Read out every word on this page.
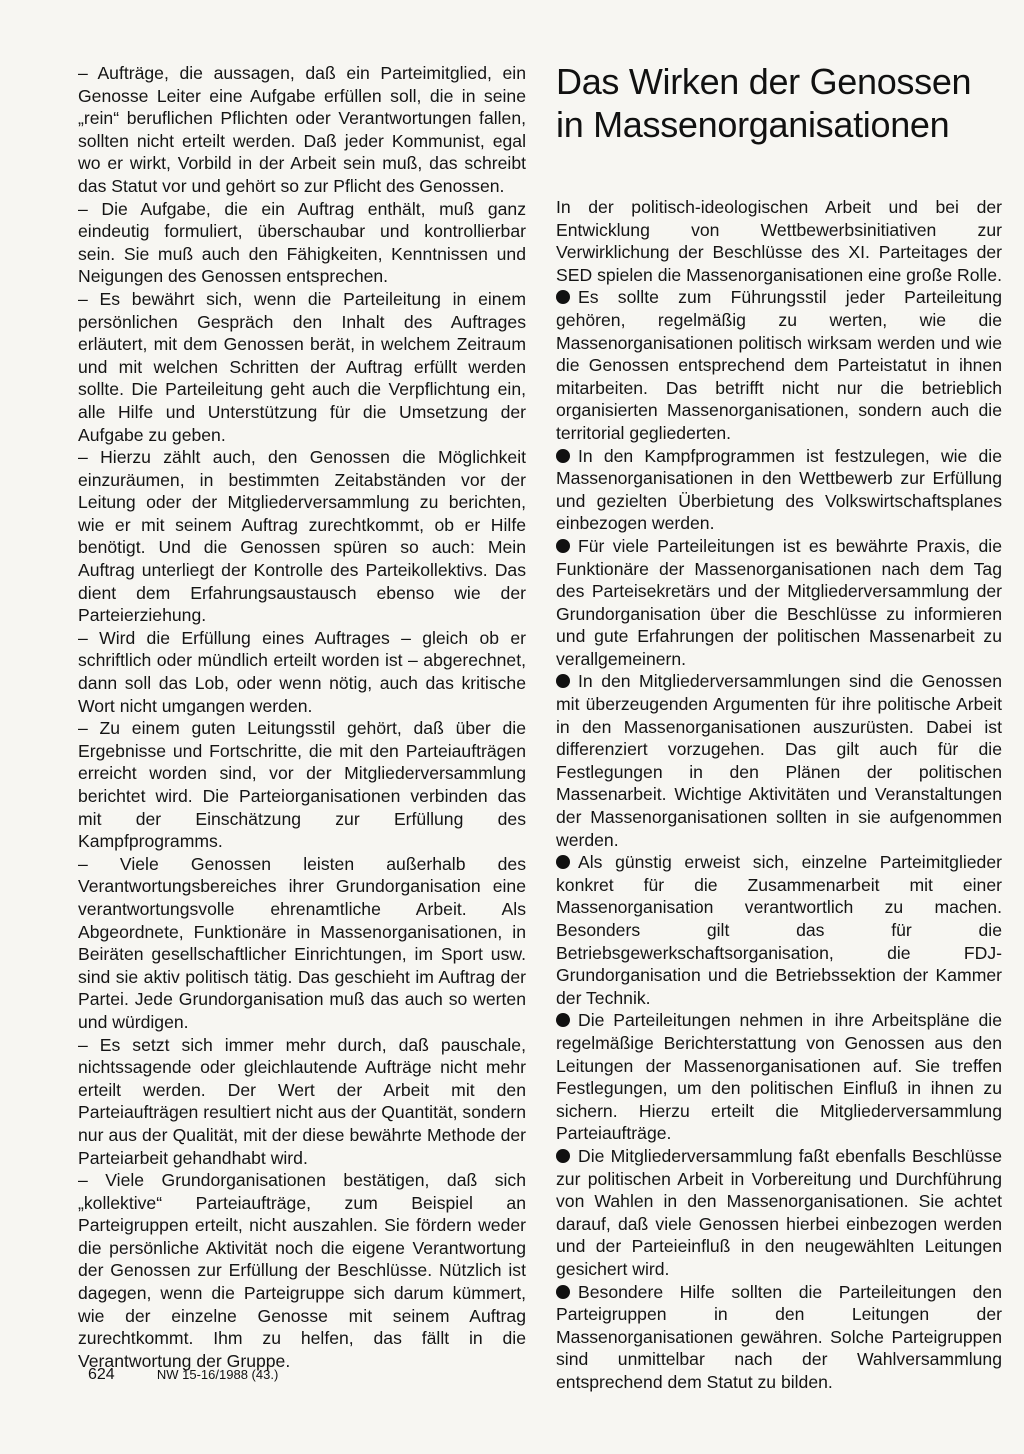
– Aufträge, die aussagen, daß ein Parteimitglied, ein Genosse Leiter eine Aufgabe erfüllen soll, die in seine „rein“ beruflichen Pflichten oder Verantwortungen fallen, sollten nicht erteilt werden. Daß jeder Kommunist, egal wo er wirkt, Vorbild in der Arbeit sein muß, das schreibt das Statut vor und gehört so zur Pflicht des Genossen.

– Die Aufgabe, die ein Auftrag enthält, muß ganz eindeutig formuliert, überschaubar und kontrollierbar sein. Sie muß auch den Fähigkeiten, Kenntnissen und Neigungen des Genossen entsprechen.

– Es bewährt sich, wenn die Parteileitung in einem persönlichen Gespräch den Inhalt des Auftrages erläutert, mit dem Genossen berät, in welchem Zeitraum und mit welchen Schritten der Auftrag erfüllt werden sollte. Die Parteileitung geht auch die Verpflichtung ein, alle Hilfe und Unterstützung für die Umsetzung der Aufgabe zu geben.

– Hierzu zählt auch, den Genossen die Möglichkeit einzuräumen, in bestimmten Zeitabständen vor der Leitung oder der Mitgliederversammlung zu berichten, wie er mit seinem Auftrag zurechtkommt, ob er Hilfe benötigt. Und die Genossen spüren so auch: Mein Auftrag unterliegt der Kontrolle des Parteikollektivs. Das dient dem Erfahrungsaustausch ebenso wie der Parteierziehung.

– Wird die Erfüllung eines Auftrages – gleich ob er schriftlich oder mündlich erteilt worden ist – abgerechnet, dann soll das Lob, oder wenn nötig, auch das kritische Wort nicht umgangen werden.

– Zu einem guten Leitungsstil gehört, daß über die Ergebnisse und Fortschritte, die mit den Parteiaufträgen erreicht worden sind, vor der Mitgliederversammlung berichtet wird. Die Parteiorganisationen verbinden das mit der Einschätzung zur Erfüllung des Kampfprogramms.

– Viele Genossen leisten außerhalb des Verantwortungsbereiches ihrer Grundorganisation eine verantwortungsvolle ehrenamtliche Arbeit. Als Abgeordnete, Funktionäre in Massenorganisationen, in Beiräten gesellschaftlicher Einrichtungen, im Sport usw. sind sie aktiv politisch tätig. Das geschieht im Auftrag der Partei. Jede Grundorganisation muß das auch so werten und würdigen.

– Es setzt sich immer mehr durch, daß pauschale, nichtssagende oder gleichlautende Aufträge nicht mehr erteilt werden. Der Wert der Arbeit mit den Parteiaufträgen resultiert nicht aus der Quantität, sondern nur aus der Qualität, mit der diese bewährte Methode der Parteiarbeit gehandhabt wird.

– Viele Grundorganisationen bestätigen, daß sich „kollektive“ Parteiaufträge, zum Beispiel an Parteigruppen erteilt, nicht auszahlen. Sie fördern weder die persönliche Aktivität noch die eigene Verantwortung der Genossen zur Erfüllung der Beschlüsse. Nützlich ist dagegen, wenn die Parteigruppe sich darum kümmert, wie der einzelne Genosse mit seinem Auftrag zurechtkommt. Ihm zu helfen, das fällt in die Verantwortung der Gruppe.

Das Wirken der Genossen in Massenorganisationen

In der politisch-ideologischen Arbeit und bei der Entwicklung von Wettbewerbsinitiativen zur Verwirklichung der Beschlüsse des XI. Parteitages der SED spielen die Massenorganisationen eine große Rolle.

Es sollte zum Führungsstil jeder Parteileitung gehören, regelmäßig zu werten, wie die Massenorganisationen politisch wirksam werden und wie die Genossen entsprechend dem Parteistatut in ihnen mitarbeiten. Das betrifft nicht nur die betrieblich organisierten Massenorganisationen, sondern auch die territorial gegliederten.

In den Kampfprogrammen ist festzulegen, wie die Massenorganisationen in den Wettbewerb zur Erfüllung und gezielten Überbietung des Volkswirtschaftsplanes einbezogen werden.

Für viele Parteileitungen ist es bewährte Praxis, die Funktionäre der Massenorganisationen nach dem Tag des Parteisekretärs und der Mitgliederversammlung der Grundorganisation über die Beschlüsse zu informieren und gute Erfahrungen der politischen Massenarbeit zu verallgemeinern.

In den Mitgliederversammlungen sind die Genossen mit überzeugenden Argumenten für ihre politische Arbeit in den Massenorganisationen auszurüsten. Dabei ist differenziert vorzugehen. Das gilt auch für die Festlegungen in den Plänen der politischen Massenarbeit. Wichtige Aktivitäten und Veranstaltungen der Massenorganisationen sollten in sie aufgenommen werden.

Als günstig erweist sich, einzelne Parteimitglieder konkret für die Zusammenarbeit mit einer Massenorganisation verantwortlich zu machen. Besonders gilt das für die Betriebsgewerkschaftsorganisation, die FDJ-Grundorganisation und die Betriebssektion der Kammer der Technik.

Die Parteileitungen nehmen in ihre Arbeitspläne die regelmäßige Berichterstattung von Genossen aus den Leitungen der Massenorganisationen auf. Sie treffen Festlegungen, um den politischen Einfluß in ihnen zu sichern. Hierzu erteilt die Mitgliederversammlung Parteiaufträge.

Die Mitgliederversammlung faßt ebenfalls Beschlüsse zur politischen Arbeit in Vorbereitung und Durchführung von Wahlen in den Massenorganisationen. Sie achtet darauf, daß viele Genossen hierbei einbezogen werden und der Parteieinfluß in den neugewählten Leitungen gesichert wird.

Besondere Hilfe sollten die Parteileitungen den Parteigruppen in den Leitungen der Massenorganisationen gewähren. Solche Parteigruppen sind unmittelbar nach der Wahlversammlung entsprechend dem Statut zu bilden.

624	NW 15-16/1988 (43.)
